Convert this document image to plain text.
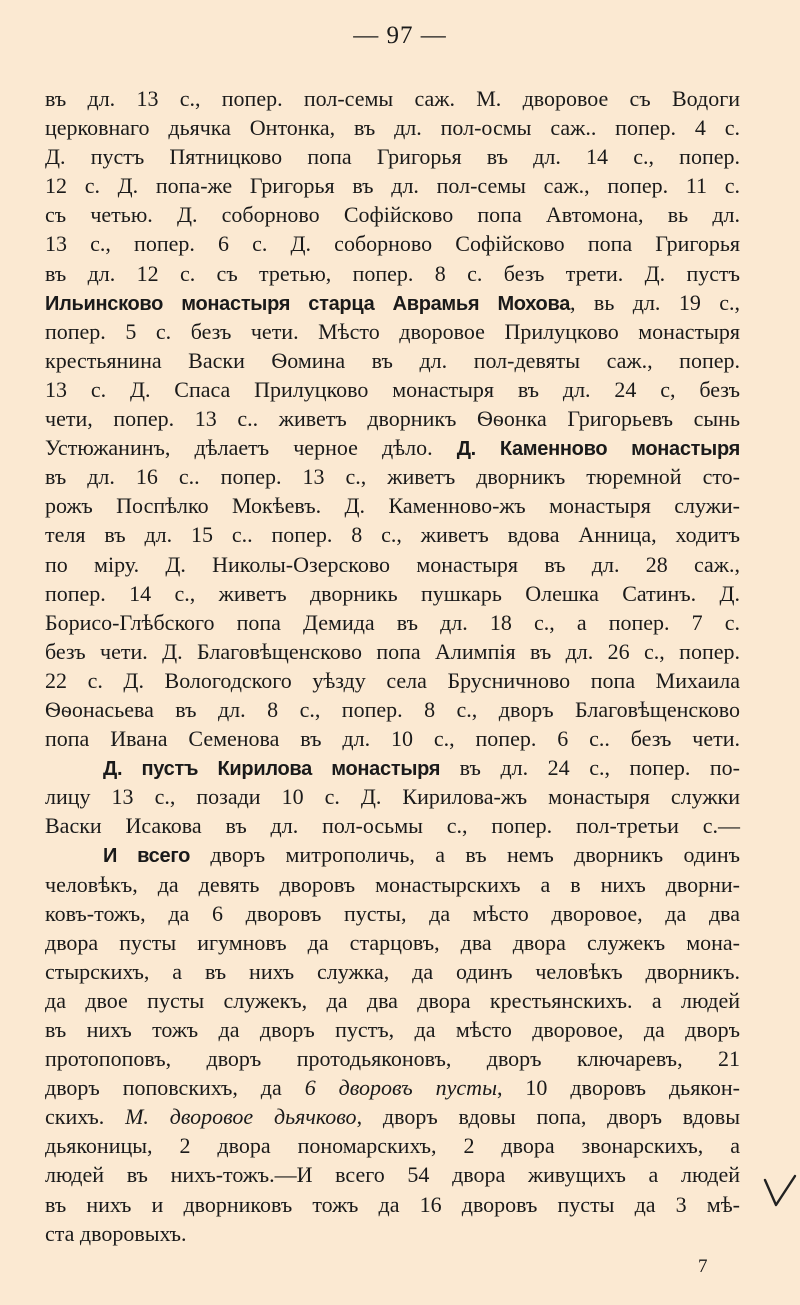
— 97 —
въ дл. 13 с., попер. пол-семы саж. М. дворовое съ Водоги
церковнаго дьячка Онтонка, въ дл. пол-осмы саж.. попер. 4 с.
Д. пустъ Пятницково попа Григорья въ дл. 14 с., попер.
12 с. Д. попа-же Григорья въ дл. пол-семы саж., попер. 11 с.
съ четью. Д. соборново Софійсково попа Автомона, вь дл.
13 с., попер. 6 с. Д. соборново Софійсково попа Григорья
въ дл. 12 с. съ третью, попер. 8 с. безъ трети. Д. пустъ
Ильинсково монастыря старца Аврамья Мохова, вь дл. 19 с.,
попер. 5 с. безъ чети. Мѣсто дворовое Прилуцково монастыря
крестьянина Васки Ѳомина въ дл. пол-девяты саж., попер.
13 с. Д. Спаса Прилуцково монастыря въ дл. 24 с, безъ
чети, попер. 13 с.. живетъ дворникъ Ѳѳонка Григорьевъ сынь
Устюжанинъ, дѣлаетъ черное дѣло. Д. Каменново монастыря
въ дл. 16 с.. попер. 13 с., живетъ дворникъ тюремной сто-
рожъ Поспѣлко Мокѣевъ. Д. Каменново-жъ монастыря служи-
теля въ дл. 15 с.. попер. 8 с., живетъ вдова Анница, ходитъ
по міру. Д. Николы-Озерсково монастыря въ дл. 28 саж.,
попер. 14 с., живетъ дворникь пушкарь Олешка Сатинъ. Д.
Борисо-Глѣбского попа Демида въ дл. 18 с., а попер. 7 с.
безъ чети. Д. Благовѣщенсково попа Алимпія въ дл. 26 с., попер.
22 с. Д. Вологодского уѣзду села Брусничново попа Михаила
Ѳѳонасьева въ дл. 8 с., попер. 8 с., дворъ Благовѣщенсково
попа Ивана Семенова въ дл. 10 с., попер. 6 с.. безъ чети.
Д. пустъ Кирилова монастыря въ дл. 24 с., попер. по-
лицу 13 с., позади 10 с. Д. Кирилова-жъ монастыря служки
Васки Исакова въ дл. пол-осьмы с., попер. пол-третьи с.—
И всего дворъ митрополичь, а въ немъ дворникъ одинъ
человѣкъ, да девять дворовъ монастырскихъ а в нихъ дворни-
ковъ-тожъ, да 6 дворовъ пусты, да мѣсто дворовое, да два
двора пусты игумновъ да старцовъ, два двора служекъ мона-
стырскихъ, а въ нихъ служка, да одинъ человѣкъ дворникъ.
да двое пусты служекъ, да два двора крестьянскихъ. а людей
въ нихъ тожъ да дворъ пустъ, да мѣсто дворовое, да дворъ
протопоповъ, дворъ протодьяконовъ, дворъ ключаревъ, 21
дворъ поповскихъ, да 6 дворовъ пусты, 10 дворовъ дьякон-
скихъ. М. дворовое дьячково, дворъ вдовы попа, дворъ вдовы
дьяконицы, 2 двора пономарскихъ, 2 двора звонарскихъ, а
людей въ нихъ-тожъ.—И всего 54 двора живущихъ а людей
въ нихъ и дворниковъ тожъ да 16 дворовъ пусты да 3 мѣ-
ста дворовыхъ.
7
